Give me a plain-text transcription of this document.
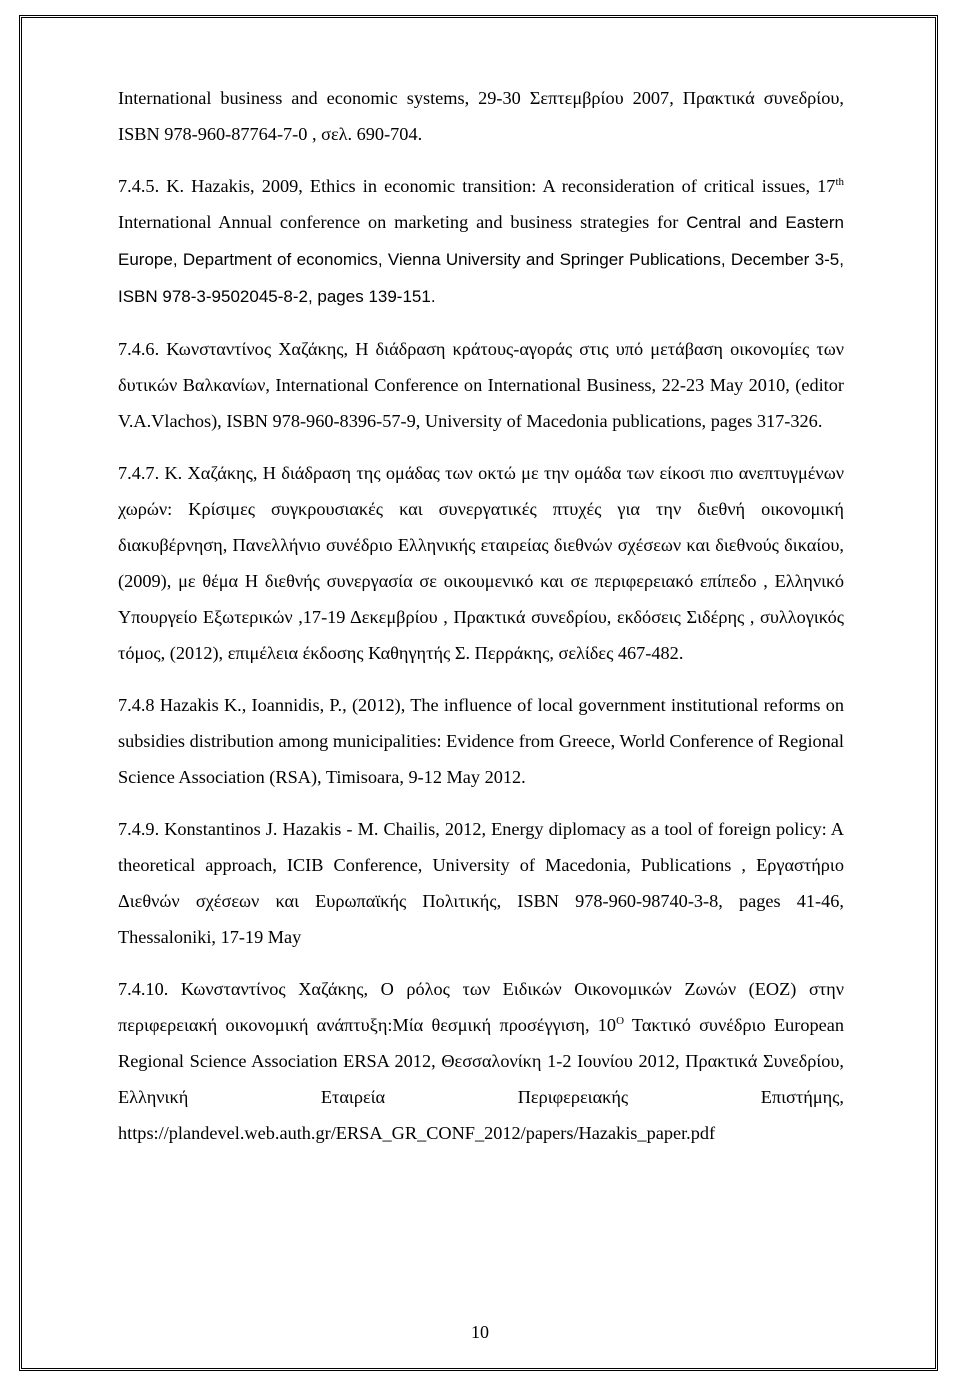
International business and economic systems, 29-30 Σεπτεμβρίου 2007, Πρακτικά συνεδρίου, ISBN 978-960-87764-7-0 , σελ. 690-704.

7.4.5. K. Hazakis, 2009, Ethics in economic transition: A reconsideration of critical issues, 17th International Annual conference on marketing and business strategies for Central and Eastern Europe, Department of economics, Vienna University and Springer Publications, December 3-5, ISBN 978-3-9502045-8-2, pages 139-151.

7.4.6. Κωνσταντίνος Χαζάκης, Η διάδραση κράτους-αγοράς στις υπό μετάβαση οικονομίες των δυτικών Βαλκανίων, International Conference on International Business, 22-23 May 2010, (editor V.A.Vlachos), ISBN 978-960-8396-57-9, University of Macedonia publications, pages 317-326.

7.4.7. Κ. Χαζάκης, Η διάδραση της ομάδας των οκτώ με την ομάδα των είκοσι πιο ανεπτυγμένων χωρών: Κρίσιμες συγκρουσιακές και συνεργατικές πτυχές για την διεθνή οικονομική διακυβέρνηση, Πανελλήνιο συνέδριο Ελληνικής εταιρείας διεθνών σχέσεων και διεθνούς δικαίου, (2009), με θέμα Η διεθνής συνεργασία σε οικουμενικό και σε περιφερειακό επίπεδο , Ελληνικό Υπουργείο Εξωτερικών ,17-19 Δεκεμβρίου , Πρακτικά συνεδρίου, εκδόσεις Σιδέρης , συλλογικός τόμος, (2012), επιμέλεια έκδοσης Καθηγητής Σ. Περράκης, σελίδες 467-482.

7.4.8 Hazakis K., Ioannidis, P., (2012), The influence of local government institutional reforms on subsidies distribution among municipalities: Evidence from Greece, World Conference of Regional Science Association (RSA), Timisoara, 9-12 May 2012.

7.4.9. Konstantinos J. Hazakis - M. Chailis, 2012, Energy diplomacy as a tool of foreign policy: A theoretical approach, ICIB Conference, University of Macedonia, Publications , Εργαστήριο Διεθνών σχέσεων και Ευρωπαϊκής Πολιτικής, ISBN 978-960-98740-3-8, pages 41-46, Thessaloniki, 17-19 May

7.4.10. Κωνσταντίνος Χαζάκης, Ο ρόλος των Ειδικών Οικονομικών Ζωνών (ΕΟΖ) στην περιφερειακή οικονομική ανάπτυξη:Μία θεσμική προσέγγιση, $10^O$ Τακτικό συνέδριο European Regional Science Association ERSA 2012, Θεσσαλονίκη 1-2 Ιουνίου 2012, Πρακτικά Συνεδρίου, Ελληνική Εταιρεία Περιφερειακής Επιστήμης, https://plandevel.web.auth.gr/ERSA_GR_CONF_2012/papers/Hazakis_paper.pdf

10
